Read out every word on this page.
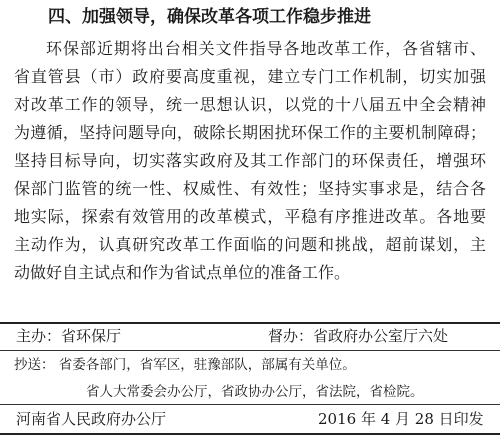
四、加强领导，确保改革各项工作稳步推进
环保部近期将出台相关文件指导各地改革工作，各省辖市、
省直管县（市）政府要高度重视，建立专门工作机制，切实加强
对改革工作的领导，统一思想认识，以党的十八届五中全会精神
为遵循，坚持问题导向，破除长期困扰环保工作的主要机制障碍；
坚持目标导向，切实落实政府及其工作部门的环保责任，增强环
保部门监管的统一性、权威性、有效性；坚持实事求是，结合各
地实际，探索有效管用的改革模式，平稳有序推进改革。各地要
主动作为，认真研究改革工作面临的问题和挑战，超前谋划，主
动做好自主试点和作为省试点单位的准备工作。
主办：省环保厅	督办：省政府办公室厅六处
抄送： 省委各部门，省军区，驻豫部队，部属有关单位。
省人大常委会办公厅，省政协办公厅，省法院，省检院。
河南省人民政府办公厅	2016 年 4 月 28 日印发
